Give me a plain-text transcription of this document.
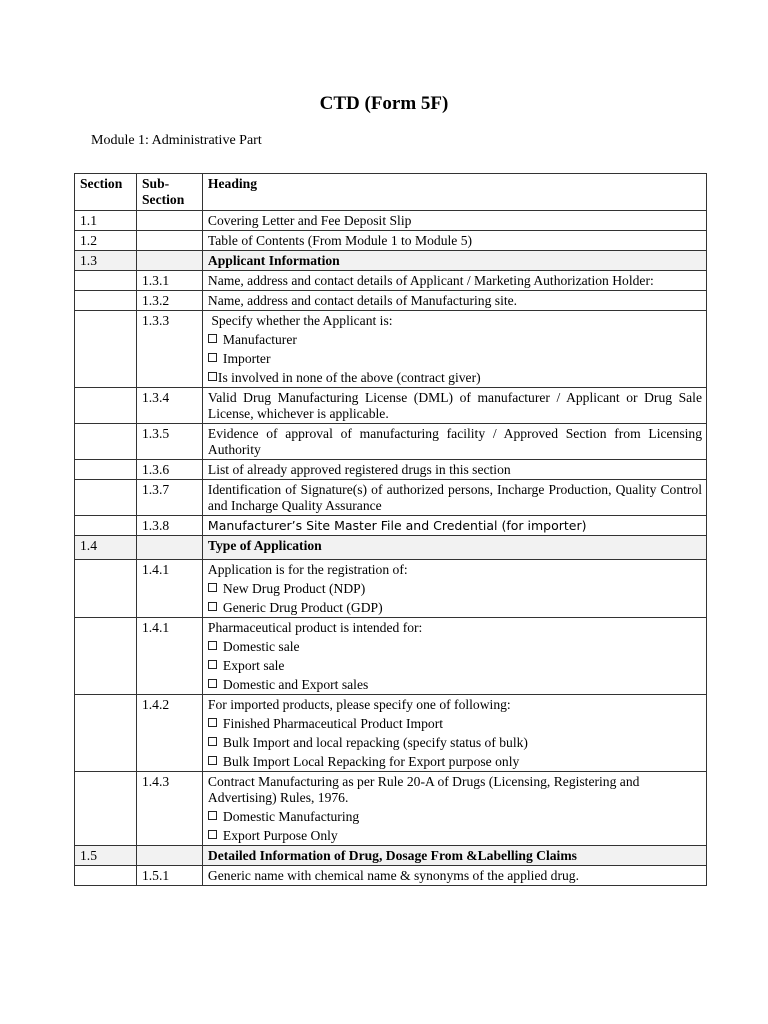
CTD (Form 5F)
Module 1: Administrative Part
Section	Sub-Section	Heading
1.1		Covering Letter and Fee Deposit Slip
1.2		Table of Contents (From Module 1 to Module 5)
1.3		Applicant Information
	1.3.1	Name, address and contact details of Applicant / Marketing Authorization Holder:
	1.3.2	Name, address and contact details of Manufacturing site.
	1.3.3	Specify whether the Applicant is:
Manufacturer
Importer
Is involved in none of the above (contract giver)

	1.3.4	Valid Drug Manufacturing License (DML) of manufacturer / Applicant or Drug Sale License, whichever is applicable.
	1.3.5	Evidence of approval of manufacturing facility / Approved Section from Licensing Authority
	1.3.6	List of already approved registered drugs in this section
	1.3.7	Identification of Signature(s) of authorized persons, Incharge Production, Quality Control and Incharge Quality Assurance
	1.3.8	Manufacturer’s Site Master File and Credential (for importer)
1.4		Type of Application
	1.4.1	Application is for the registration of:
New Drug Product (NDP)
Generic Drug Product (GDP)

	1.4.1	Pharmaceutical product is intended for:
Domestic sale
Export sale
Domestic and Export sales

	1.4.2	For imported products, please specify one of following:
Finished Pharmaceutical Product Import
Bulk Import and local repacking (specify status of bulk)
Bulk Import Local Repacking for Export purpose only

	1.4.3	Contract Manufacturing as per Rule 20-A of Drugs (Licensing, Registering and Advertising) Rules, 1976.
Domestic Manufacturing
Export Purpose Only

1.5		Detailed Information of Drug, Dosage From &Labelling Claims
	1.5.1	Generic name with chemical name & synonyms of the applied drug.
